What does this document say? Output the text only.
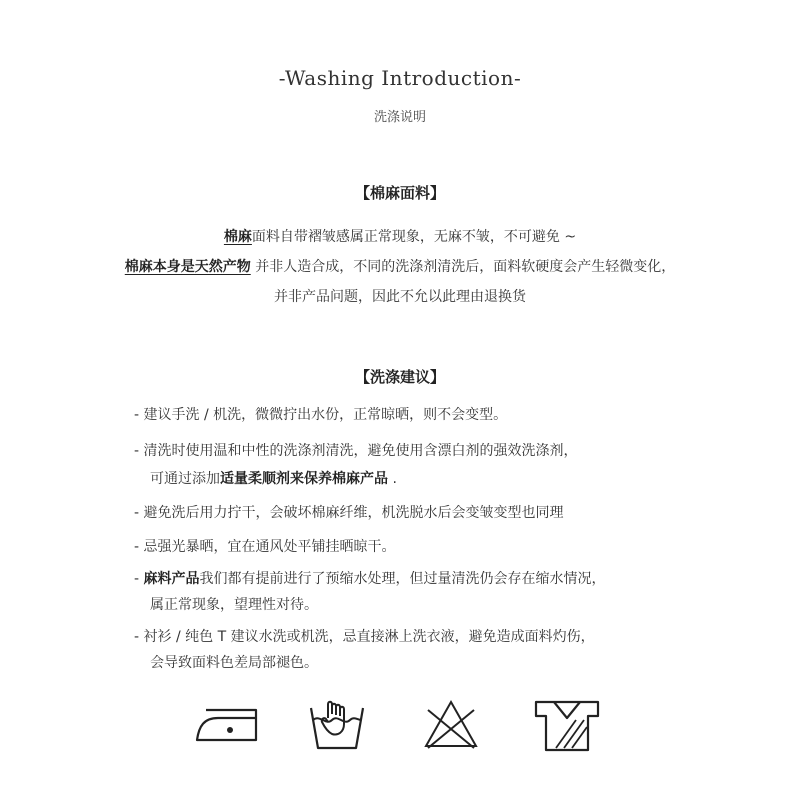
-Washing Introduction-
洗涤说明
【棉麻面料】
棉麻面料自带褶皱感属正常现象，无麻不皱，不可避免 ~
棉麻本身是天然产物 并非人造合成，不同的洗涤剂清洗后，面料软硬度会产生轻微变化，
并非产品问题，因此不允以此理由退换货
【洗涤建议】
- 建议手洗 / 机洗，微微拧出水份，正常晾晒，则不会变型。
- 清洗时使用温和中性的洗涤剂清洗，避免使用含漂白剂的强效洗涤剂，
可通过添加适量柔顺剂来保养棉麻产品 .
- 避免洗后用力拧干，会破坏棉麻纤维，机洗脱水后会变皱变型也同理
- 忌强光暴晒，宜在通风处平铺挂晒晾干。
- 麻料产品我们都有提前进行了预缩水处理，但过量清洗仍会存在缩水情况，
属正常现象，望理性对待。
- 衬衫 / 纯色 T 建议水洗或机洗，忌直接淋上洗衣液，避免造成面料灼伤，
会导致面料色差局部褪色。
